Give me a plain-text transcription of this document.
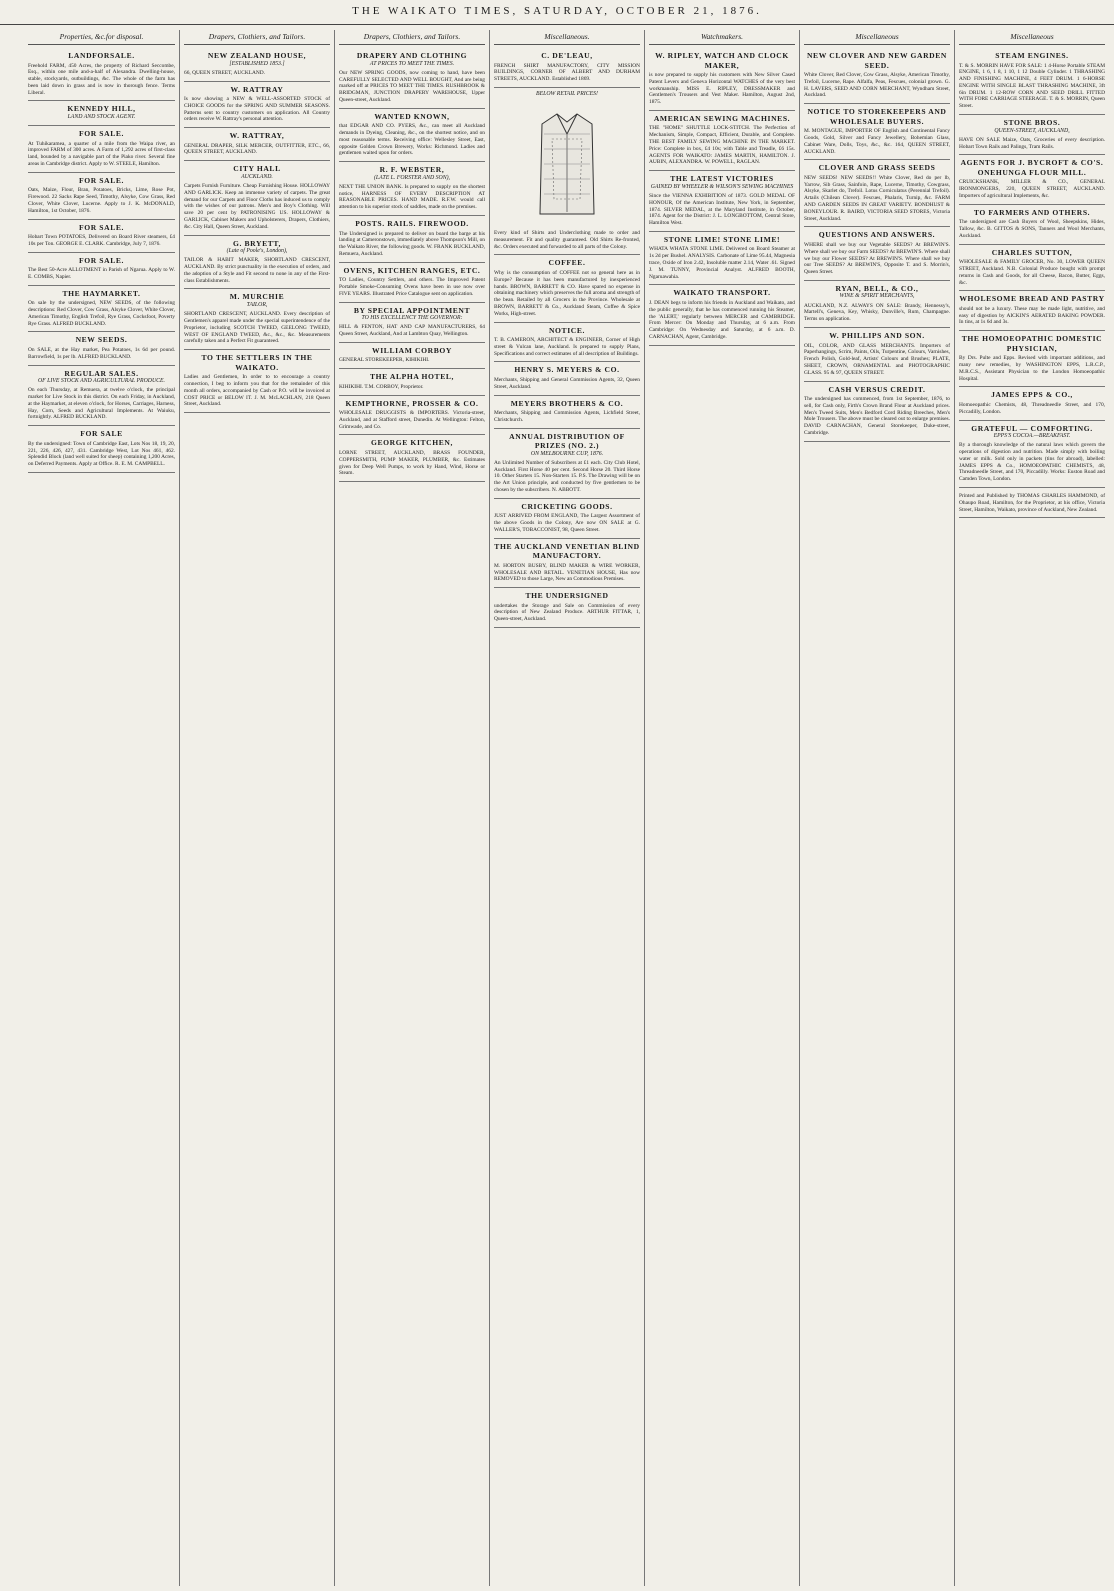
THE WAIKATO TIMES, SATURDAY, OCTOBER 21, 1876.
Properties, &c.for disposal.
LANDFORSALE.
Freehold FARM, 450 Acres, the property of Richard Seccombe, Esq., within one mile and-a-half of Alexandra. Dwelling-house, stable, stockyards, outbuildings, &c. The whole of the farm has been laid down in grass and is now in thorough fence. Terms Liberal.
KENNEDY HILL,
LAND AND STOCK AGENT.
FOR SALE.
At Tuhikaramea, a quarter of a mile from the Waipa river, an improved FARM of 300 acres. A Farm of 1,292 acres of first-class land, bounded by a navigable part of the Piako river. Several fine areas in Cambridge district. Apply to W. STEELE, Hamilton.
FOR SALE.
Oats, Maize, Flour, Bran, Potatoes, Bricks, Lime, Rose Pot, Firewood. 22 Sacks Rape Seed, Timothy, Alsyke, Cow Grass, Red Clover, White Clover, Lucerne. Apply to J. K. McDONALD, Hamilton, 1st October, 1876.
FOR SALE.
Hobart Town POTATOES, Delivered on Board River steamers, £4 10s per Ton. GEORGE E. CLARK. Cambridge, July 7, 1876.
FOR SALE.
The Best 50-Acre ALLOTMENT in Parish of Ngarua. Apply to W. E. COMBS, Napier.
THE HAYMARKET.
On sale by the undersigned, NEW SEEDS, of the following descriptions: Red Clover, Cow Grass, Alsyke Clover, White Clover, American Timothy, English Trefoil, Rye Grass, Cocksfoot, Poverty Rye Grass. ALFRED BUCKLAND.
NEW SEEDS.
On SALE, at the Hay market, Pea Potatoes, 1s 6d per pound. Barrowfield, 1s per lb. ALFRED BUCKLAND.
REGULAR SALES.
OF LIVE STOCK AND AGRICULTURAL PRODUCE.
On each Thursday, at Remuera, at twelve o'clock, the principal market for Live Stock in this district. On each Friday, in Auckland, at the Haymarket, at eleven o'clock, for Horses, Carriages, Harness, Hay, Corn, Seeds and Agricultural Implements. At Waiuku, fortnightly. ALFRED BUCKLAND.
FOR SALE
By the undersigned: Town of Cambridge East, Lots Nos 18, 19, 20, 221, 226, 426, 427, 431. Cambridge West, Lot Nos 461, 462. Splendid Block (land well suited for sheep) containing 1,200 Acres, on Deferred Payments. Apply at Office. R. E. M. CAMPBELL.
Drapers, Clothiers, and Tailors.
NEW ZEALAND HOUSE,
[ESTABLISHED 1853.]
66, QUEEN STREET, AUCKLAND.
W. RATTRAY
Is now showing a NEW & WELL-ASSORTED STOCK of CHOICE GOODS for the SPRING AND SUMMER SEASONS. Patterns sent to country customers on application. All Country orders receive W. Rattray's personal attention.
W. RATTRAY,
GENERAL DRAPER, SILK MERCER, OUTFITTER, ETC., 66, QUEEN STREET, AUCKLAND.
CITY HALL
AUCKLAND.
Carpets Furnish Furniture. Cheap Furnishing House. HOLLOWAY AND GARLICK. Keep an immense variety of carpets. The great demand for our Carpets and Floor Cloths has induced us to comply with the wishes of our patrons. Men's and Boy's Clothing. Will save 20 per cent by PATRONISING US. HOLLOWAY & GARLICK, Cabinet Makers and Upholsterers, Drapers, Clothiers, &c. City Hall, Queen Street, Auckland.
G. BRYETT,
(Late of Poole's, London),
TAILOR & HABIT MAKER, SHORTLAND CRESCENT, AUCKLAND. By strict punctuality in the execution of orders, and the adoption of a Style and Fit second to none in any of the First-class Establishments.
M. MURCHIE
TAILOR,
SHORTLAND CRESCENT, AUCKLAND. Every description of Gentlemen's apparel made under the special superintendence of the Proprietor, including SCOTCH TWEED, GEELONG TWEED, WEST OF ENGLAND TWEED, &c., &c., &c. Measurements carefully taken and a Perfect Fit guaranteed.
TO THE SETTLERS IN THE WAIKATO.
Ladies and Gentlemen, In order to to encourage a country connection, I beg to inform you that for the remainder of this month all orders, accompanied by Cash or P.O. will be invoiced at COST PRICE or BELOW IT. J. M. McLACHLAN, 218 Queen Street, Auckland.
Drapers, Clothiers, and Tailors.
DRAPERY AND CLOTHING
AT PRICES TO MEET THE TIMES.
Our NEW SPRING GOODS, now coming to hand, have been CAREFULLY SELECTED AND WELL BOUGHT, And are being marked off at PRICES TO MEET THE TIMES. RUSHBROOK & BRIDGMAN, JUNCTION DRAPERY WAREHOUSE, Upper Queen-street, Auckland.
WANTED KNOWN,
that EDGAR AND CO. PYERS, &c., can meet all Auckland demands in Dyeing, Cleaning, &c., on the shortest notice, and on most reasonable terms. Receiving office: Wellesley Street, East, opposite Golden Crown Brewery, Works: Richmond. Ladies and gentlemen waited upon for orders.
R. F. WEBSTER,
(LATE L. FORSTER AND SON),
NEXT THE UNION BANK. Is prepared to supply on the shortest notice, HARNESS OF EVERY DESCRIPTION AT REASONABLE PRICES. HAND MADE. R.F.W. would call attention to his superior stock of saddles, made on the premises.
POSTS. RAILS. FIREWOOD.
The Undersigned is prepared to deliver on board the barge at his landing at Cameronstown, immediately above Thompson's Mill, on the Waikato River, the following goods. W. FRANK BUCKLAND, Remuera, Auckland.
OVENS, KITCHEN RANGES, ETC.
TO Ladies, Country Settlers, and others. The Improved Patent Portable Smoke-Consuming Ovens have been in use now over FIVE YEARS. Illustrated Price Catalogue sent on application.
BY SPECIAL APPOINTMENT
TO HIS EXCELLENCY THE GOVERNOR:
HILL & FENTON, HAT AND CAP MANUFACTURERS, 64 Queen Street, Auckland, And at Lambton Quay, Wellington.
WILLIAM CORBOY
GENERAL STOREKEEPER, KIHIKIHI.
THE ALPHA HOTEL,
KIHIKIHI. T.M. CORBOY, Proprietor.
KEMPTHORNE, PROSSER & CO.
WHOLESALE DRUGGISTS & IMPORTERS. Victoria-street, Auckland, and at Stafford street, Dunedin. At Wellington: Felton, Grimwade, and Co.
GEORGE KITCHEN,
LORNE STREET, AUCKLAND, BRASS FOUNDER, COPPERSMITH, PUMP MAKER, PLUMBER, &c. Estimates given for Deep Well Pumps, to work by Hand, Wind, Horse or Steam.
Miscellaneous.
C. DE'LEAU,
FRENCH SHIRT MANUFACTORY, CITY MISSION BUILDINGS, CORNER OF ALBERT AND DURHAM STREETS, AUCKLAND. Established 1869.
BELOW RETAIL PRICES!
Every kind of Shirts and Underclothing made to order and measurement. Fit and quality guaranteed. Old Shirts Re-fronted, &c. Orders executed and forwarded to all parts of the Colony.
COFFEE.
Why is the consumption of COFFEE not so general here as in Europe? Because it has been manufactured by inexperienced hands. BROWN, BARRETT & CO. Have spared no expense in obtaining machinery which preserves the full aroma and strength of the bean. Retailed by all Grocers in the Province. Wholesale at BROWN, BARRETT & Co., Auckland Steam, Coffee & Spice Works, High-street.
NOTICE.
T. B. CAMERON, ARCHITECT & ENGINEER, Corner of High street & Vulcan lane, Auckland. Is prepared to supply Plans, Specifications and correct estimates of all description of Buildings.
HENRY S. MEYERS & CO.
Merchants, Shipping and General Commission Agents, 32, Queen Street, Auckland.
MEYERS BROTHERS & CO.
Merchants, Shipping and Commission Agents, Lichfield Street, Christchurch.
ANNUAL DISTRIBUTION OF PRIZES (NO. 2.)
ON MELBOURNE CUP, 1876.
An Unlimited Number of Subscribers at £1 each. City Club Hotel, Auckland. First Horse 40 per cent. Second Horse 20. Third Horse 10. Other Starters 15. Non-Starters 15. P.S. The Drawing will be on the Art Union principle, and conducted by five gentlemen to be chosen by the subscribers. N. ABBOTT.
CRICKETING GOODS.
JUST ARRIVED FROM ENGLAND, The Largest Assortment of the above Goods in the Colony, Are now ON SALE at G. WALLER'S, TOBACCONIST, 98, Queen Street.
THE AUCKLAND VENETIAN BLIND MANUFACTORY.
M. HORTON BUSBY, BLIND MAKER & WIRE WORKER, WHOLESALE AND RETAIL. VENETIAN HOUSE, Has now REMOVED to those Large, New an Commodious Premises.
THE UNDERSIGNED
undertakes the Storage and Sale on Commission of every description of New Zealand Produce. ARTHUR FITTAR, 1, Queen-street, Auckland.
Watchmakers.
W. RIPLEY, WATCH AND CLOCK MAKER,
is now prepared to supply his customers with New Silver Cased Patent Levers and Geneva Horizontal WATCHES of the very best workmanship. MISS E. RIPLEY, DRESSMAKER and Gentlemen's Trousers and Vest Maker. Hamilton, August 2nd, 1875.
AMERICAN SEWING MACHINES.
THE "HOME" SHUTTLE LOCK-STITCH. The Perfection of Mechanism, Simple, Compact, Efficient, Durable, and Complete. THE BEST FAMILY SEWING MACHINE IN THE MARKET. Price: Complete in box, £4 10s; with Table and Treadle, £6 15s. AGENTS FOR WAIKATO: JAMES MARTIN, HAMILTON. J. AUBIN, ALEXANDRA. W. POWELL, RAGLAN.
THE LATEST VICTORIES
GAINED BY WHEELER & WILSON'S SEWING MACHINES
Since the VIENNA EXHIBITION of 1873. GOLD MEDAL OF HONOUR, Of the American Institute, New York, in September, 1874. SILVER MEDAL, at the Maryland Institute, in October, 1874. Agent for the District: J. L. LONGBOTTOM, Central Store, Hamilton West.
STONE LIME! STONE LIME!
WHATA WHATA STONE LIME. Delivered on Board Steamer at 1s 2d per Bushel. ANALYSIS. Carbonate of Lime 95.44, Magnesia trace, Oxide of Iron 2.42, Insoluble matter 2.14, Water .61. Signed J. M. TUNNY, Provincial Analyst. ALFRED BOOTH, Ngaruawahia.
WAIKATO TRANSPORT.
J. DEAN begs to inform his friends in Auckland and Waikato, and the public generally, that he has commenced running his Steamer, the 'ALERT,' regularly between MERCER and CAMBRIDGE. From Mercer: On Monday and Thursday, at 6 a.m. From Cambridge: On Wednesday and Saturday, at 6 a.m. D. CARNACHAN, Agent, Cambridge.
Miscellaneous
NEW CLOVER AND NEW GARDEN SEED.
White Clover, Red Clover, Cow Grass, Alsyke, American Timothy, Trefoil, Lucerne, Rape. Alfalfa, Peas, Fescues, colonial grown. G. H. LAVERS, SEED AND CORN MERCHANT, Wyndham Street, Auckland.
NOTICE TO STOREKEEPERS AND WHOLESALE BUYERS.
M. MONTAGUE, IMPORTER OF English and Continental Fancy Goods, Gold, Silver and Fancy Jewellery, Bohemian Glass, Cabinet Ware, Dolls, Toys, &c., &c. 164, QUEEN STREET, AUCKLAND.
CLOVER AND GRASS SEEDS
NEW SEEDS! NEW SEEDS!! White Clover, Red do per lb, Yarrow, Sib Grass, Sainfoin, Rape, Lucerne, Timothy, Cowgrass, Alsyke, Skarlet do, Trefoil. Lotus Corniculatus (Perennial Trefoil). Artails (Chilean Clover). Fescues, Phalaris, Turnip, &c. FARM AND GARDEN SEEDS IN GREAT VARIETY. BONDHUST & BONEYLOUR. R. BAIRD, VICTORIA SEED STORES, Victoria Street, Auckland.
QUESTIONS AND ANSWERS.
WHERE shall we buy our Vegetable SEEDS? At BREWIN'S. Where shall we buy our Farm SEEDS? At BREWIN'S. Where shall we buy our Flower SEEDS? At BREWIN'S. Where shall we buy our Tree SEEDS? At BREWIN'S, Opposite T. and S. Morrin's, Queen Street.
RYAN, BELL, & CO.,
WINE & SPIRIT MERCHANTS,
AUCKLAND, N.Z. ALWAYS ON SALE: Brandy, Hennessy's, Martell's, Geneva, Key, Whisky, Dunville's, Rum, Champagne. Terms on application.
W. PHILLIPS AND SON.
OIL, COLOR, AND GLASS MERCHANTS. Importers of Paperhangings, Scrim, Paints, Oils, Turpentine, Colours, Varnishes, French Polish, Gold-leaf, Artists' Colours and Brushes; PLATE, SHEET, CROWN, ORNAMENTAL and PHOTOGRAPHIC GLASS. 95 & 97, QUEEN STREET.
CASH VERSUS CREDIT.
The undersigned has commenced, from 1st September, 1876, to sell, for Cash only, Firth's Crown Brand Flour at Auckland prices. Men's Tweed Suits, Men's Bedford Cord Riding Breeches, Men's Mole Trousers. The above must be cleared out to enlarge premises. DAVID CARNACHAN, General Storekeeper, Duke-street, Cambridge.
Miscellaneous
STEAM ENGINES.
T. & S. MORRIN HAVE FOR SALE: 1 4-Horse Portable STEAM ENGINE, 1 6, 1 8, 1 10, 1 12 Double Cylinder. 1 THRASHING AND FINISHING MACHINE, 4 FEET DRUM. 1 6-HORSE ENGINE WITH SINGLE BLAST THRASHING MACHINE, 3ft 6in DRUM. 1 12-ROW CORN AND SEED DRILL FITTED WITH FORE CARRIAGE STEERAGE. T. & S. MORRIN, Queen Street.
STONE BROS.
QUEEN-STREET, AUCKLAND,
HAVE ON SALE Maize, Oats, Groceries of every description. Hobart Town Rails and Palings, Tram Rails.
AGENTS FOR J. BYCROFT & CO'S. ONEHUNGA FLOUR MILL.
CRUICKSHANK, MILLER & CO., GENERAL IRONMONGERS, 220, QUEEN STREET, AUCKLAND. Importers of agricultural Implements, &c.
TO FARMERS AND OTHERS.
The undersigned are Cash Buyers of Wool, Sheepskins, Hides, Tallow, &c. B. GITTOS & SONS, Tanners and Wool Merchants, Auckland.
CHARLES SUTTON,
WHOLESALE & FAMILY GROCER, No. 30, LOWER QUEEN STREET, Auckland. N.B. Colonial Produce bought with prompt returns in Cash and Goods, for all Cheese, Bacon, Butter, Eggs, &c.
WHOLESOME BREAD AND PASTRY
should not be a luxury. These may be made light, nutritive, and easy of digestion by AICKIN'S AERATED BAKING POWDER. In tins, at 1s 6d and 3s.
THE HOMOEOPATHIC DOMESTIC PHYSICIAN,
By Drs. Pulte and Epps. Revised with important additions, and many new remedies, by WASHINGTON EPPS, L.R.C.P., M.R.C.S., Assistant Physician to the London Homoeopathic Hospital.
JAMES EPPS & CO.,
Homoeopathic Chemists, 48, Threadneedle Street, and 170, Piccadilly, London.
GRATEFUL — COMFORTING.
EPPS'S COCOA.—BREAKFAST.
By a thorough knowledge of the natural laws which govern the operations of digestion and nutrition. Made simply with boiling water or milk. Sold only in packets (tins for abroad), labelled: JAMES EPPS & Co., HOMOEOPATHIC CHEMISTS, 48, Threadneedle Street, and 170, Piccadilly. Works: Euston Road and Camden Town, London.
Printed and Published by THOMAS CHARLES HAMMOND, of Ohaupo Road, Hamilton, for the Proprietor, at his office, Victoria Street, Hamilton, Waikato, province of Auckland, New Zealand.
